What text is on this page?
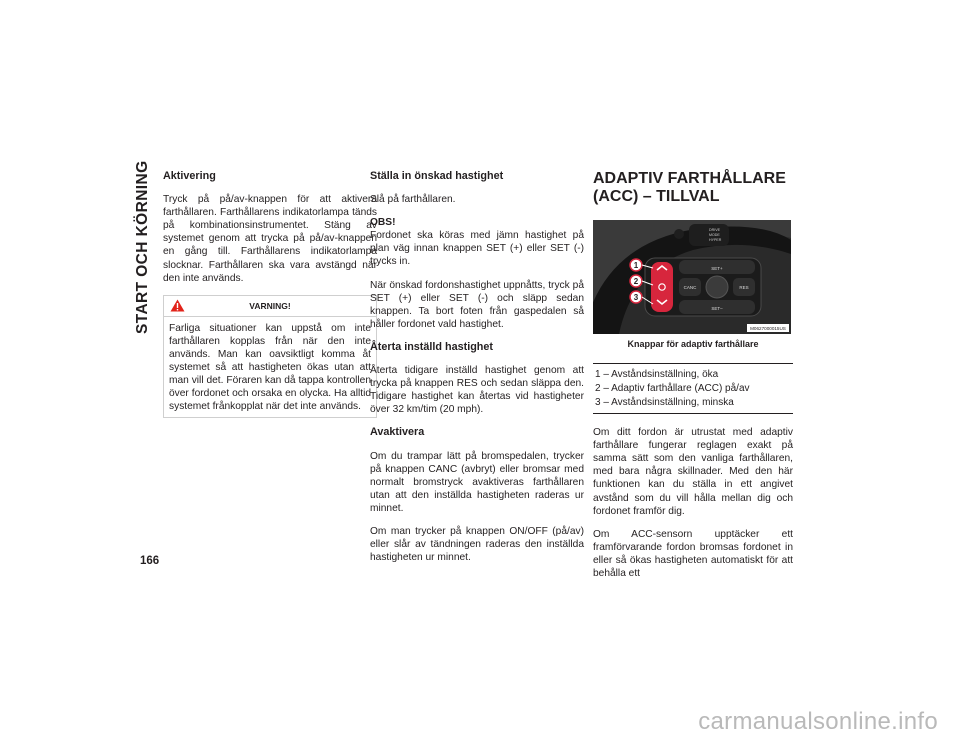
START OCH KÖRNING	Aktivering

Tryck på på/av-knappen för att aktivera farthållaren. Farthållarens indikatorlampa tänds på kombinationsinstrumentet. Stäng av systemet genom att trycka på på/av-knappen en gång till. Farthållarens indikatorlampa slocknar. Farthållaren ska vara avstängd när den inte används.

VARNING!
Farliga situationer kan uppstå om inte farthållaren kopplas från när den inte används. Man kan oavsiktligt komma åt systemet så att hastigheten ökas utan att man vill det. Föraren kan då tappa kontrollen över fordonet och orsaka en olycka. Ha alltid systemet frånkopplat när det inte används.
Ställa in önskad hastighet

Slå på farthållaren.

OBS!
Fordonet ska köras med jämn hastighet på plan väg innan knappen SET (+) eller SET (-) trycks in.

När önskad fordonshastighet uppnåtts, tryck på SET (+) eller SET (-) och släpp sedan knappen. Ta bort foten från gaspedalen så håller fordonet vald hastighet.

Återta inställd hastighet

Återta tidigare inställd hastighet genom att trycka på knappen RES och sedan släppa den. Tidigare hastighet kan återtas vid hastigheter över 32 km/tim (20 mph).

Avaktivera

Om du trampar lätt på bromspedalen, trycker på knappen CANC (avbryt) eller bromsar med normalt bromstryck avaktiveras farthållaren utan att den inställda hastigheten raderas ur minnet.

Om man trycker på knappen ON/OFF (på/av) eller slår av tändningen raderas den inställda hastigheten ur minnet.

ADAPTIV FARTHÅLLARE
(ACC) – TILLVAL
1
2
3
SET+
CANC	RES
SET–
DRIVE
MODE
HYPER
M0627000015US
Knappar för adaptiv farthållare
1 – Avståndsinställning, öka
2 – Adaptiv farthållare (ACC) på/av
3 – Avståndsinställning, minska

Om ditt fordon är utrustat med adaptiv farthållare fungerar reglagen exakt på samma sätt som den vanliga farthållaren, med bara några skillnader. Med den här funktionen kan du ställa in ett angivet avstånd som du vill hålla mellan dig och fordonet framför dig.

Om ACC-sensorn upptäcker ett framförvarande fordon bromsas fordonet in eller så ökas hastigheten automatiskt för att behålla ett

166
carmanualsonline.info
